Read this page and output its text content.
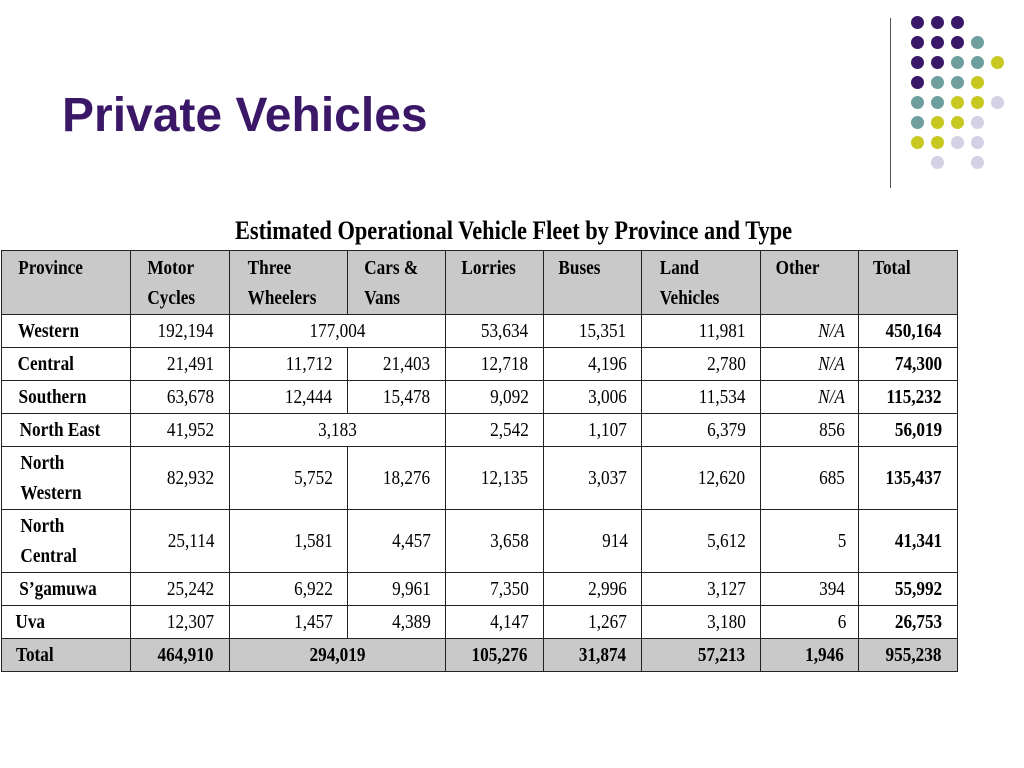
Private Vehicles
Estimated Operational Vehicle Fleet by Province and Type
Province	Motor Cycles	Three Wheelers	Cars & Vans	Lorries	Buses	Land Vehicles	Other	Total
Western	192,194	177,004		53,634	15,351	11,981	N/A	450,164
Central	21,491	11,712	21,403	12,718	4,196	2,780	N/A	74,300
Southern	63,678	12,444	15,478	9,092	3,006	11,534	N/A	115,232
North East	41,952	3,183		2,542	1,107	6,379	856	56,019
North Western	82,932	5,752	18,276	12,135	3,037	12,620	685	135,437
North Central	25,114	1,581	4,457	3,658	914	5,612	5	41,341
S’gamuwa	25,242	6,922	9,961	7,350	2,996	3,127	394	55,992
Uva	12,307	1,457	4,389	4,147	1,267	3,180	6	26,753
Total	464,910	294,019		105,276	31,874	57,213	1,946	955,238
